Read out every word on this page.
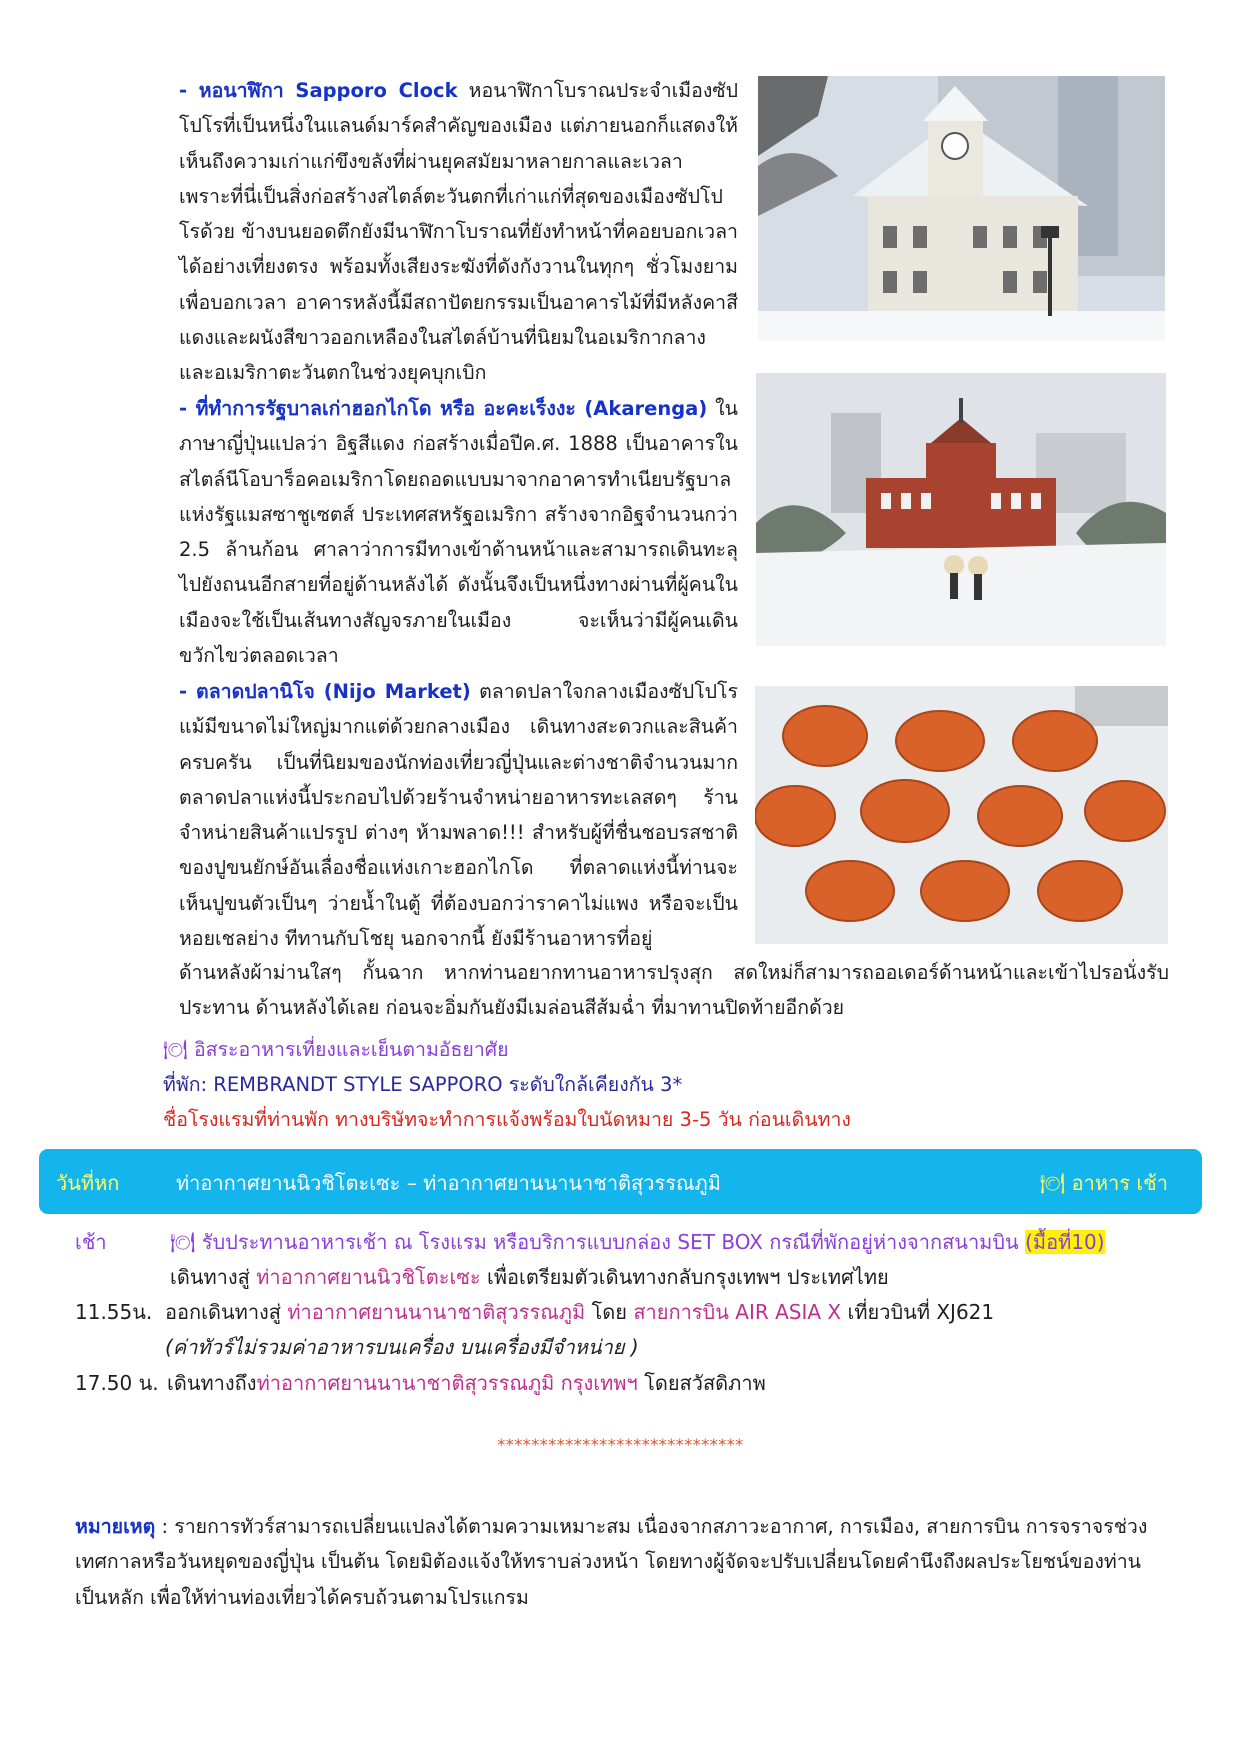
- หอนาฬิกา Sapporo Clock หอนาฬิกาโบราณประจำเมืองซัปโปโรที่เป็นหนึ่งในแลนด์มาร์คสำคัญของเมือง แต่ภายนอกก็แสดงให้เห็นถึงความเก่าแก่ขึงขลังที่ผ่านยุคสมัยมาหลายกาลและเวลา เพราะที่นี่เป็นสิ่งก่อสร้างสไตล์ตะวันตกที่เก่าแก่ที่สุดของเมืองซัปโปโรด้วย ข้างบนยอดตึกยังมีนาฬิกาโบราณที่ยังทำหน้าที่คอยบอกเวลาได้อย่างเที่ยงตรง พร้อมทั้งเสียงระฆังที่ดังกังวานในทุกๆ ชั่วโมงยามเพื่อบอกเวลา อาคารหลังนี้มีสถาปัตยกรรมเป็นอาคารไม้ที่มีหลังคาสีแดงและผนังสีขาวออกเหลืองในสไตล์บ้านที่นิยมในอเมริกากลางและอเมริกาตะวันตกในช่วงยุคบุกเบิก

- ที่ทำการรัฐบาลเก่าฮอกไกโด หรือ อะคะเร็งงะ (Akarenga) ในภาษาญี่ปุ่นแปลว่า อิฐสีแดง ก่อสร้างเมื่อปีค.ศ. 1888 เป็นอาคารในสไตล์นีโอบาร็อคอเมริกาโดยถอดแบบมาจากอาคารทำเนียบรัฐบาลแห่งรัฐแมสซาชูเซตส์ ประเทศสหรัฐอเมริกา สร้างจากอิฐจำนวนกว่า 2.5 ล้านก้อน ศาลาว่าการมีทางเข้าด้านหน้าและสามารถเดินทะลุไปยังถนนอีกสายที่อยู่ด้านหลังได้ ดังนั้นจึงเป็นหนึ่งทางผ่านที่ผู้คนในเมืองจะใช้เป็นเส้นทางสัญจรภายในเมือง จะเห็นว่ามีผู้คนเดินขวักไขว่ตลอดเวลา

- ตลาดปลานิโจ (Nijo Market) ตลาดปลาใจกลางเมืองซัปโปโรแม้มีขนาดไม่ใหญ่มากแต่ด้วยกลางเมือง เดินทางสะดวกและสินค้าครบครัน เป็นที่นิยมของนักท่องเที่ยวญี่ปุ่นและต่างชาติจำนวนมาก ตลาดปลาแห่งนี้ประกอบไปด้วยร้านจำหน่ายอาหารทะเลสดๆ ร้านจำหน่ายสินค้าแปรรูป ต่างๆ ห้ามพลาด!!! สำหรับผู้ที่ชื่นชอบรสชาติของปูขนยักษ์อันเลื่องชื่อแห่งเกาะฮอกไกโด ที่ตลาดแห่งนี้ท่านจะเห็นปูขนตัวเป็นๆ ว่ายน้ำในตู้ ที่ต้องบอกว่าราคาไม่แพง หรือจะเป็น หอยเชลย่าง ทีทานกับโชยุ นอกจากนี้ ยังมีร้านอาหารที่อยู่

ด้านหลังผ้าม่านใสๆ กั้นฉาก หากท่านอยากทานอาหารปรุงสุก สดใหม่ก็สามารถออเดอร์ด้านหน้าและเข้าไปรอนั่งรับประทาน ด้านหลังได้เลย ก่อนจะอิ่มกันยังมีเมล่อนสีส้มฉ่ำ ที่มาทานปิดท้ายอีกด้วย

🍽 อิสระอาหารเที่ยงและเย็นตามอัธยาศัย
ที่พัก: REMBRANDT STYLE SAPPORO ระดับใกล้เคียงกัน 3*
ชื่อโรงแรมที่ท่านพัก ทางบริษัทจะทำการแจ้งพร้อมใบนัดหมาย 3-5 วัน ก่อนเดินทาง
วันที่หก	ท่าอากาศยานนิวชิโตะเซะ – ท่าอากาศยานนานาชาติสุวรรณภูมิ	🍽 อาหาร เช้า
เช้า	🍽 รับประทานอาหารเช้า ณ โรงแรม หรือบริการแบบกล่อง SET BOX กรณีที่พักอยู่ห่างจากสนามบิน (มื้อที่10)
เดินทางสู่ ท่าอากาศยานนิวชิโตะเซะ เพื่อเตรียมตัวเดินทางกลับกรุงเทพฯ ประเทศไทย
11.55น. ออกเดินทางสู่ ท่าอากาศยานนานาชาติสุวรรณภูมิ โดย สายการบิน AIR ASIA X เที่ยวบินที่ XJ621
(ค่าทัวร์ไม่รวมค่าอาหารบนเครื่อง บนเครื่องมีจำหน่าย )
17.50 น. เดินทางถึงท่าอากาศยานนานาชาติสุวรรณภูมิ กรุงเทพฯ โดยสวัสดิภาพ
*****************************
หมายเหตุ : รายการทัวร์สามารถเปลี่ยนแปลงได้ตามความเหมาะสม เนื่องจากสภาวะอากาศ, การเมือง, สายการบิน การจราจรช่วงเทศกาลหรือวันหยุดของญี่ปุ่น เป็นต้น โดยมิต้องแจ้งให้ทราบล่วงหน้า โดยทางผู้จัดจะปรับเปลี่ยนโดยคำนึงถึงผลประโยชน์ของท่านเป็นหลัก เพื่อให้ท่านท่องเที่ยวได้ครบถ้วนตามโปรแกรม
